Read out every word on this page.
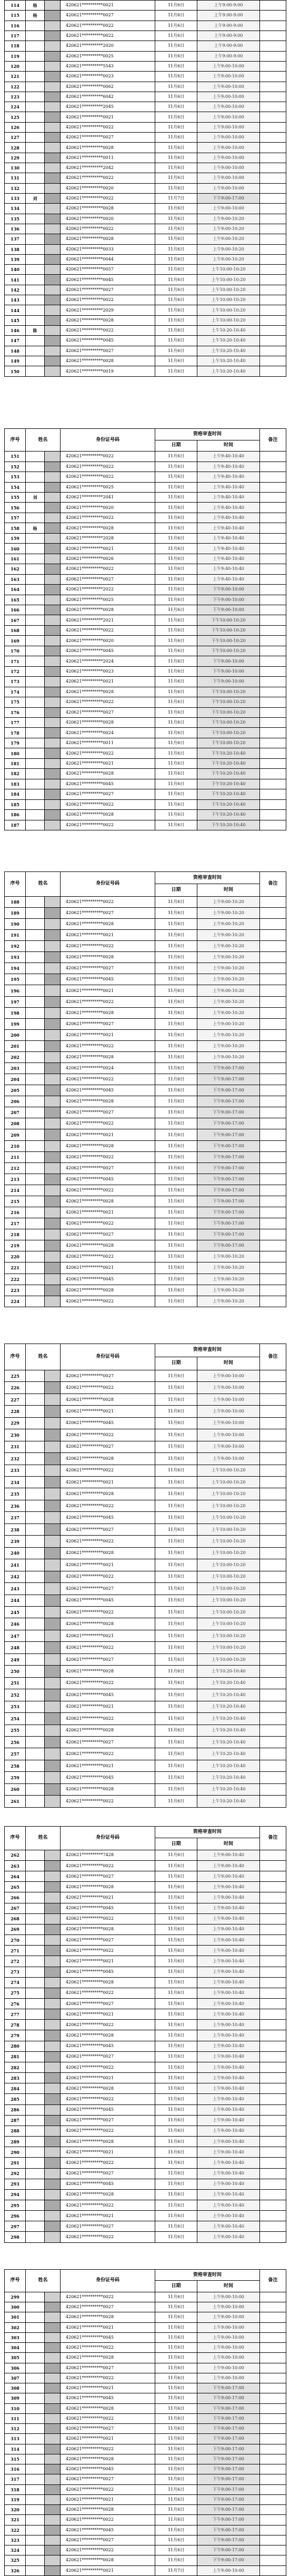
114	杨		420621**********0021	11月6日	上午9:00-9:00	
115	杨		420621**********0027	11月6日	上午9:00-9:00	
116			420621**********0022	11月6日	上午9:00-9:00	
117			420621**********0022	11月6日	上午9:00-9:00	
118			420621**********2020	11月6日	上午9:00-9:00	
119			420621**********0025	11月6日	上午9:00-9:00	
120			420621**********5543	11月6日	上午9:00-10:00	
121			420621**********0023	11月6日	上午9:00-10:00	
122			420621**********0062	11月6日	上午9:00-10:00	
123			420621**********6042	11月6日	上午9:00-10:00	
124			420621**********2045	11月6日	上午9:00-10:00	
125			420621**********0021	11月6日	上午9:00-10:00	
126			420621**********0022	11月6日	上午9:00-10:00	
127			420621**********0027	11月6日	上午9:00-10:00	
128			420621**********0028	11月6日	上午9:00-10:00	
129			420621**********0011	11月6日	上午9:00-10:00	
130			420621**********2042	11月6日	上午9:00-10:00	
131			420621**********0022	11月6日	上午9:00-10:00	
132			420621**********0020	11月6日	上午9:00-10:00	
133	刘		420621**********0022	11月7日	下午9:00-17:00	
134			420621**********0028	11月6日	上午9:00-10:00	
135			420621**********0020	11月6日	上午9:00-10:20	
136			420621**********0022	11月6日	上午9:00-10:20	
137			420621**********0028	11月6日	上午9:00-10:20	
138			420621**********0033	11月6日	上午9:00-10:20	
139			420621**********0044	11月6日	上午9:00-10:20	
140			420621**********0057	11月6日	上午10:00-10:20	
141			420621**********0045	11月6日	上午10:00-10:20	
142			420621**********0027	11月6日	上午10:00-10:20	
143			420621**********0022	11月6日	上午10:00-10:20	
144			420621**********2029	11月6日	上午10:00-10:20	
145			420621**********0028	11月6日	上午10:00-10:20	
146	陈		420621**********0022	11月6日	上午10:20-10:40	
147			420621**********0045	11月6日	上午10:20-10:40	
148			420621**********0027	11月6日	上午10:20-10:40	
149			420621**********0028	11月6日	上午10:20-10:40	
150			420621**********0019	11月6日	上午10:20-10:40	
序号	姓名		身份证号码	资格审查时间		备注
				日期	时间	
151			420621**********0022	11月6日	上午9:40-10:40	
152			420621**********0022	11月6日	上午9:40-10:40	
153			420621**********0022	11月6日	上午9:40-10:40	
154			420621**********0025	11月6日	上午9:40-10:40	
155	刘		420621**********2041	11月6日	上午9:40-10:40	
156			420621**********0020	11月6日	上午9:40-10:40	
157			420621**********0022	11月6日	上午9:40-10:40	
158	杨		420621**********0028	11月6日	上午9:40-10:40	
159			420621**********2028	11月6日	上午9:40-10:40	
160			420621**********0021	11月6日	上午9:40-10:40	
161			420621**********0026	11月6日	上午9:40-10:40	
162			420621**********0022	11月6日	上午9:40-10:40	
163			420621**********0027	11月6日	上午9:40-10:40	
164			420621**********2022	11月6日	下午9:00-10:00	
165			420621**********0025	11月6日	下午9:00-10:00	
166			420621**********0028	11月6日	下午9:00-10:00	
167			420621**********2021	11月6日	下午10:00-10:20	
168			420621**********0022	11月6日	下午10:00-10:20	
169			420621**********0020	11月6日	下午10:00-10:20	
170			420621**********0045	11月6日	下午10:00-10:20	
171			420621**********2024	11月6日	下午9:00-10:00	
172			420621**********0023	11月6日	下午9:00-10:00	
173			420621**********0021	11月6日	下午9:00-10:00	
174			420621**********0028	11月6日	下午10:00-10:20	
175			420621**********0022	11月6日	下午10:00-10:20	
176			420621**********0027	11月6日	下午10:00-10:20	
177			420621**********0028	11月6日	下午10:00-10:20	
178			420621**********0024	11月6日	下午10:00-10:20	
179			420621**********0011	11月6日	下午10:00-10:20	
180			420621**********0022	11月6日	下午10:20-10:40	
181			420621**********0021	11月6日	下午10:20-10:40	
182			420621**********0028	11月6日	下午10:20-10:40	
183			420621**********0045	11月6日	下午10:20-10:40	
184			420621**********0027	11月6日	下午10:20-10:40	
185			420621**********0022	11月6日	下午10:20-10:40	
186			420621**********0028	11月6日	下午10:20-10:40	
187			420621**********0022	11月6日	下午10:20-10:40	
序号	姓名		身份证号码	资格审查时间		备注
				日期	时间	
188			420621**********0022	11月6日	上午9:00-10:20	
189			420621**********0027	11月6日	上午9:00-10:20	
190			420621**********0028	11月6日	上午9:00-10:20	
191			420621**********0021	11月6日	上午9:00-10:20	
192			420621**********0022	11月6日	上午9:00-10:20	
193			420621**********0028	11月6日	上午9:00-10:20	
194			420621**********0027	11月6日	上午9:00-10:20	
195			420621**********0045	11月6日	上午9:00-10:20	
196			420621**********0021	11月6日	上午9:00-10:20	
197			420621**********0022	11月6日	上午9:00-10:20	
198			420621**********0028	11月6日	上午9:00-10:20	
199			420621**********0027	11月6日	上午9:00-10:20	
200			420621**********0021	11月6日	上午9:00-10:20	
201			420621**********0022	11月6日	上午9:00-10:20	
202			420621**********0028	11月6日	上午9:00-10:20	
203			420621**********0024	11月6日	下午9:00-17:00	
204			420621**********0022	11月6日	下午9:00-17:00	
205			420621**********0045	11月6日	下午9:00-17:00	
206			420621**********0028	11月6日	下午9:00-17:00	
207			420621**********0027	11月6日	下午9:00-17:00	
208			420621**********0022	11月6日	下午9:00-17:00	
209			420621**********0021	11月6日	下午9:00-17:00	
210			420621**********0028	11月6日	下午9:00-17:00	
211			420621**********0022	11月6日	下午9:00-17:00	
212			420621**********0027	11月6日	下午9:00-17:00	
213			420621**********0045	11月6日	下午9:00-17:00	
214			420621**********0022	11月6日	下午9:00-17:00	
215			420621**********0028	11月6日	下午9:00-17:00	
216			420621**********0021	11月6日	下午9:00-17:00	
217			420621**********0022	11月6日	下午9:00-17:00	
218			420621**********0027	11月6日	下午9:00-17:00	
219			420621**********0028	11月6日	下午9:00-17:00	
220			420621**********0022	11月6日	上午9:00-10:20	
221			420621**********0021	11月6日	上午9:00-10:20	
222			420621**********0045	11月6日	上午9:00-10:20	
223			420621**********0028	11月6日	上午9:00-10:20	
224			420621**********0022	11月6日	上午9:00-10:20	
序号	姓名		身份证号码	资格审查时间		备注
				日期	时间	
225			420621**********0027	11月6日	上午9:00-10:00	
226			420621**********0022	11月6日	上午9:00-10:00	
227			420621**********0028	11月6日	上午9:00-10:00	
228			420621**********0021	11月6日	上午9:00-10:00	
229			420621**********0045	11月6日	上午9:00-10:00	
230			420621**********0022	11月6日	上午9:00-10:00	
231			420621**********0027	11月6日	上午9:00-10:00	
232			420621**********0028	11月6日	上午9:00-10:00	
233			420621**********0022	11月6日	上午10:00-10:20	
234			420621**********0021	11月6日	上午10:00-10:20	
235			420621**********0028	11月6日	上午10:00-10:20	
236			420621**********0022	11月6日	上午10:00-10:20	
237			420621**********0045	11月6日	上午10:00-10:20	
238			420621**********0027	11月6日	上午10:00-10:20	
239			420621**********0022	11月6日	上午10:00-10:20	
240			420621**********0028	11月6日	上午10:00-10:20	
241			420621**********0021	11月6日	上午10:00-10:20	
242			420621**********0022	11月6日	上午10:00-10:20	
243			420621**********0027	11月6日	上午10:00-10:20	
244			420621**********0045	11月6日	上午10:00-10:20	
245			420621**********0022	11月6日	上午10:00-10:20	
246			420621**********0028	11月6日	上午10:00-10:20	
247			420621**********0021	11月6日	上午10:00-10:20	
248			420621**********0022	11月6日	上午10:00-10:20	
249			420621**********0027	11月6日	上午10:00-10:20	
250			420621**********0028	11月6日	上午10:20-10:40	
251			420621**********0022	11月6日	上午10:20-10:40	
252			420621**********0045	11月6日	上午10:20-10:40	
253			420621**********0021	11月6日	上午10:20-10:40	
254			420621**********0022	11月6日	上午10:20-10:40	
255			420621**********0028	11月6日	上午10:20-10:40	
256			420621**********0027	11月6日	上午10:20-10:40	
257			420621**********0022	11月6日	上午10:20-10:40	
258			420621**********0021	11月6日	上午10:20-10:40	
259			420621**********0045	11月6日	上午10:20-10:40	
260			420621**********0028	11月6日	上午10:20-10:40	
261			420621**********0022	11月6日	上午10:20-10:40	
序号	姓名		身份证号码	资格审查时间		备注
				日期	时间	
262			420621**********7428	11月6日	上午9:00-10:40	
263			420621**********0022	11月6日	上午9:00-10:40	
264			420621**********0027	11月6日	上午9:00-10:40	
265			420621**********0028	11月6日	上午9:00-10:40	
266			420621**********0021	11月6日	上午9:00-10:40	
267			420621**********0045	11月6日	上午9:00-10:40	
268			420621**********0022	11月6日	上午9:00-10:40	
269			420621**********0028	11月6日	上午9:00-10:40	
270			420621**********0027	11月6日	上午9:00-10:40	
271			420621**********0022	11月6日	上午9:00-10:40	
272			420621**********0021	11月6日	上午9:00-10:40	
273			420621**********0045	11月6日	上午9:00-10:40	
274			420621**********0028	11月6日	上午9:00-10:40	
275			420621**********0022	11月6日	上午9:00-10:40	
276			420621**********0027	11月6日	上午9:00-10:40	
277			420621**********0021	11月6日	上午9:00-10:40	
278			420621**********0022	11月6日	上午9:00-10:40	
279			420621**********0028	11月6日	上午9:00-10:40	
280			420621**********0045	11月6日	上午9:00-10:40	
281			420621**********0027	11月6日	上午9:00-10:40	
282			420621**********0022	11月6日	上午9:00-10:40	
283			420621**********0021	11月6日	上午9:00-10:40	
284			420621**********0028	11月6日	上午9:00-10:40	
285			420621**********0022	11月6日	上午9:00-10:40	
286			420621**********0045	11月6日	上午9:00-10:40	
287			420621**********0027	11月6日	上午9:00-10:40	
288			420621**********0022	11月6日	上午9:00-10:40	
289			420621**********0028	11月6日	上午9:00-10:40	
290			420621**********0021	11月6日	上午9:00-10:40	
291			420621**********0022	11月6日	上午9:00-10:40	
292			420621**********0027	11月6日	上午9:00-10:40	
293			420621**********0045	11月6日	上午9:00-10:40	
294			420621**********0028	11月6日	上午9:00-10:40	
295			420621**********0022	11月6日	上午9:00-10:40	
296			420621**********0021	11月6日	上午9:00-10:40	
297			420621**********0027	11月6日	上午9:00-10:40	
298			420621**********0022	11月6日	上午9:00-10:40	
序号	姓名		身份证号码	资格审查时间		备注
				日期	时间	
299			420621**********0022	11月6日	上午9:00-10:00	
300			420621**********0027	11月6日	上午9:00-10:00	
301			420621**********0028	11月6日	上午9:00-10:00	
302			420621**********0021	11月6日	上午9:00-10:00	
303			420621**********0045	11月6日	上午9:00-10:00	
304			420621**********0022	11月6日	上午9:00-10:00	
305			420621**********0028	11月6日	上午9:00-10:00	
306			420621**********0027	11月6日	上午9:00-10:00	
307			420621**********0022	11月6日	上午9:00-10:00	
308			420621**********0021	11月6日	下午9:00-17:00	
309			420621**********0045	11月6日	下午9:00-17:00	
310			420621**********0028	11月6日	下午9:00-17:00	
311			420621**********0022	11月6日	下午9:00-17:00	
312			420621**********0027	11月6日	下午9:00-17:00	
313			420621**********0021	11月6日	下午9:00-17:00	
314			420621**********0022	11月6日	下午9:00-17:00	
315			420621**********0028	11月6日	下午9:00-17:00	
316			420621**********0045	11月6日	下午9:00-17:00	
317			420621**********0027	11月6日	下午9:00-17:00	
318			420621**********0022	11月6日	下午9:00-17:00	
319			420621**********0021	11月6日	下午9:00-17:00	
320			420621**********0028	11月6日	下午9:00-17:00	
321			420621**********0022	11月6日	下午9:00-17:00	
322			420621**********0045	11月6日	下午9:00-17:00	
323			420621**********0027	11月6日	下午9:00-17:00	
324			420621**********0022	11月6日	下午9:00-17:00	
325			420621**********0028	11月6日	下午9:00-17:00	
326			420621**********0021	11月7日	上午9:00-10:00	
